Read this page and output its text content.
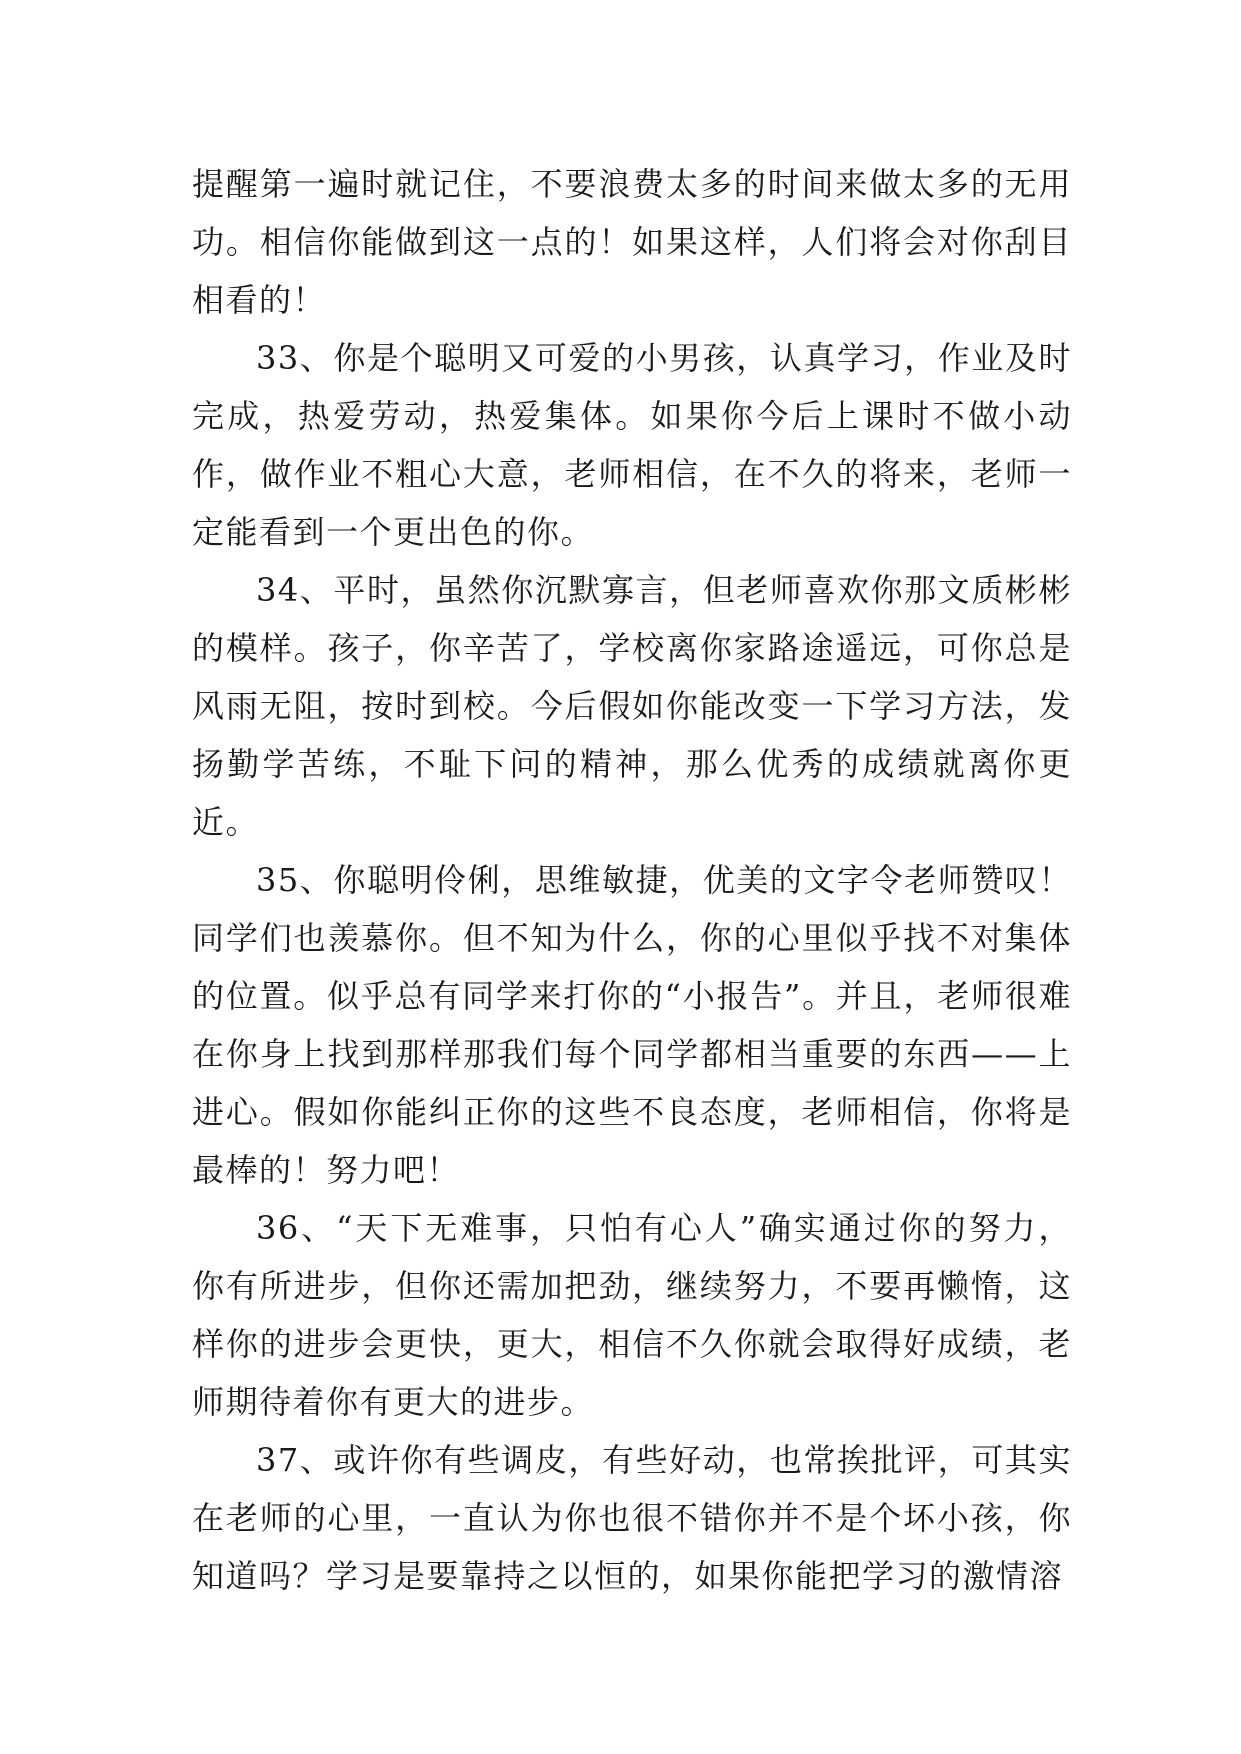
提醒第一遍时就记住，不要浪费太多的时间来做太多的无用功。相信你能做到这一点的！如果这样，人们将会对你刮目相看的！

33、你是个聪明又可爱的小男孩，认真学习，作业及时完成，热爱劳动，热爱集体。如果你今后上课时不做小动作，做作业不粗心大意，老师相信，在不久的将来，老师一定能看到一个更出色的你。

34、平时，虽然你沉默寡言，但老师喜欢你那文质彬彬的模样。孩子，你辛苦了，学校离你家路途遥远，可你总是风雨无阻，按时到校。今后假如你能改变一下学习方法，发扬勤学苦练，不耻下问的精神，那么优秀的成绩就离你更近。

35、你聪明伶俐，思维敏捷，优美的文字令老师赞叹！同学们也羡慕你。但不知为什么，你的心里似乎找不对集体的位置。似乎总有同学来打你的“小报告”。并且，老师很难在你身上找到那样那我们每个同学都相当重要的东西——上进心。假如你能纠正你的这些不良态度，老师相信，你将是最棒的！努力吧！

36、“天下无难事，只怕有心人”确实通过你的努力，你有所进步，但你还需加把劲，继续努力，不要再懒惰，这样你的进步会更快，更大，相信不久你就会取得好成绩，老师期待着你有更大的进步。

37、或许你有些调皮，有些好动，也常挨批评，可其实在老师的心里，一直认为你也很不错你并不是个坏小孩，你知道吗？学习是要靠持之以恒的，如果你能把学习的激情溶
